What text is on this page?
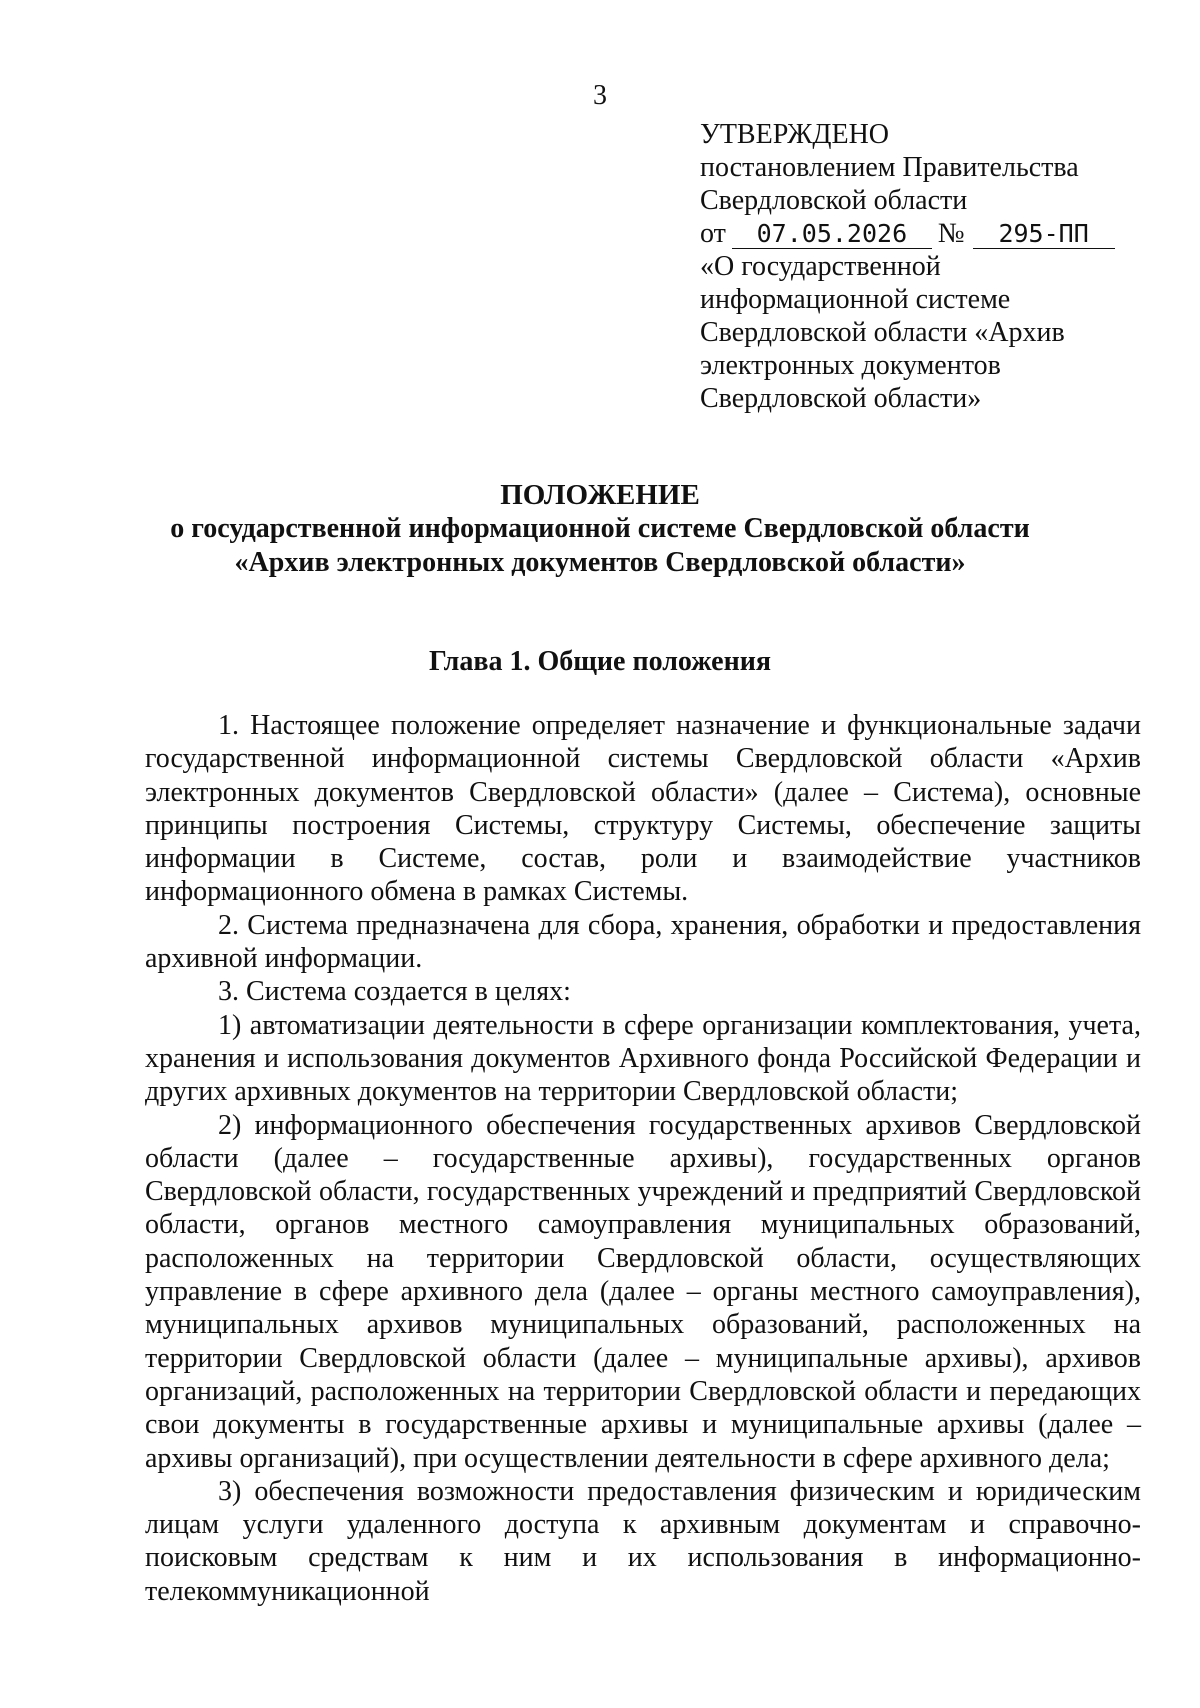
3
УТВЕРЖДЕНО
постановлением Правительства
Свердловской области
от 07.05.2026 № 295-ПП
«О государственной
информационной системе
Свердловской области «Архив
электронных документов
Свердловской области»
ПОЛОЖЕНИЕ
о государственной информационной системе Свердловской области
«Архив электронных документов Свердловской области»
Глава 1. Общие положения

1. Настоящее положение определяет назначение и функциональные задачи государственной информационной системы Свердловской области «Архив электронных документов Свердловской области» (далее – Система), основные принципы построения Системы, структуру Системы, обеспечение защиты информации в Системе, состав, роли и взаимодействие участников информационного обмена в рамках Системы.

2. Система предназначена для сбора, хранения, обработки и предоставления архивной информации.

3. Система создается в целях:

1) автоматизации деятельности в сфере организации комплектования, учета, хранения и использования документов Архивного фонда Российской Федерации и других архивных документов на территории Свердловской области;

2) информационного обеспечения государственных архивов Свердловской области (далее – государственные архивы), государственных органов Свердловской области, государственных учреждений и предприятий Свердловской области, органов местного самоуправления муниципальных образований, расположенных на территории Свердловской области, осуществляющих управление в сфере архивного дела (далее – органы местного самоуправления), муниципальных архивов муниципальных образований, расположенных на территории Свердловской области (далее – муниципальные архивы), архивов организаций, расположенных на территории Свердловской области и передающих свои документы в государственные архивы и муниципальные архивы (далее – архивы организаций), при осуществлении деятельности в сфере архивного дела;

3) обеспечения возможности предоставления физическим и юридическим лицам услуги удаленного доступа к архивным документам и справочно-поисковым средствам к ним и их использования в информационно-телекоммуникационной
